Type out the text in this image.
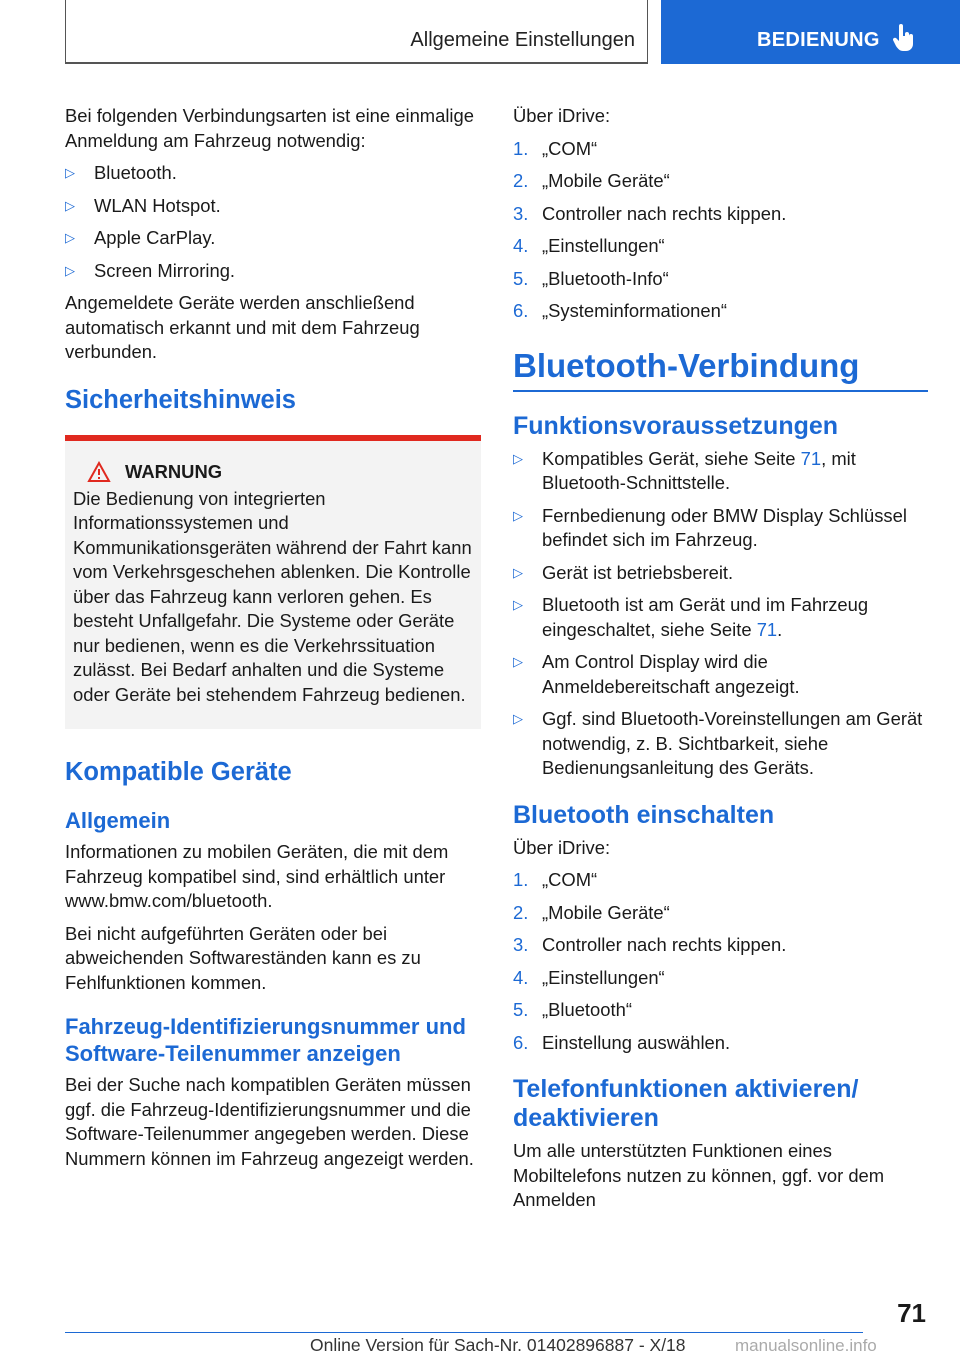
Allgemeine Einstellungen	BEDIENUNG

Bei folgenden Verbindungsarten ist eine einmalige Anmeldung am Fahrzeug notwendig:

▷ Bluetooth.
▷ WLAN Hotspot.
▷ Apple CarPlay.
▷ Screen Mirroring.

Angemeldete Geräte werden anschließend automatisch erkannt und mit dem Fahrzeug verbunden.

Sicherheitshinweis
WARNUNG

Die Bedienung von integrierten Informationssystemen und Kommunikationsgeräten während der Fahrt kann vom Verkehrsgeschehen ablenken. Die Kontrolle über das Fahrzeug kann verloren gehen. Es besteht Unfallgefahr. Die Systeme oder Geräte nur bedienen, wenn es die Verkehrssituation zulässt. Bei Bedarf anhalten und die Systeme oder Geräte bei stehendem Fahrzeug bedienen.

Kompatible Geräte
Allgemein

Informationen zu mobilen Geräten, die mit dem Fahrzeug kompatibel sind, sind erhältlich unter www.bmw.com/bluetooth.

Bei nicht aufgeführten Geräten oder bei abweichenden Softwareständen kann es zu Fehlfunktionen kommen.

Fahrzeug-Identifizierungsnummer und Software-Teilenummer anzeigen

Bei der Suche nach kompatiblen Geräten müssen ggf. die Fahrzeug-Identifizierungsnummer und die Software-Teilenummer angegeben werden. Diese Nummern können im Fahrzeug angezeigt werden.

Über iDrive:

1. „COM“
2. „Mobile Geräte“
3. Controller nach rechts kippen.
4. „Einstellungen“
5. „Bluetooth-Info“
6. „Systeminformationen“
Bluetooth-Verbindung
Funktionsvoraussetzungen
▷ Kompatibles Gerät, siehe Seite 71, mit Bluetooth-Schnittstelle.
▷ Fernbedienung oder BMW Display Schlüssel befindet sich im Fahrzeug.
▷ Gerät ist betriebsbereit.
▷ Bluetooth ist am Gerät und im Fahrzeug eingeschaltet, siehe Seite 71.
▷ Am Control Display wird die Anmeldebereitschaft angezeigt.
▷ Ggf. sind Bluetooth-Voreinstellungen am Gerät notwendig, z. B. Sichtbarkeit, siehe Bedienungsanleitung des Geräts.
Bluetooth einschalten

Über iDrive:

1. „COM“
2. „Mobile Geräte“
3. Controller nach rechts kippen.
4. „Einstellungen“
5. „Bluetooth“
6. Einstellung auswählen.
Telefonfunktionen aktivieren/ deaktivieren

Um alle unterstützten Funktionen eines Mobiltelefons nutzen zu können, ggf. vor dem Anmelden

71
Online Version für Sach-Nr. 01402896887 - X/18	manualsonline.info
